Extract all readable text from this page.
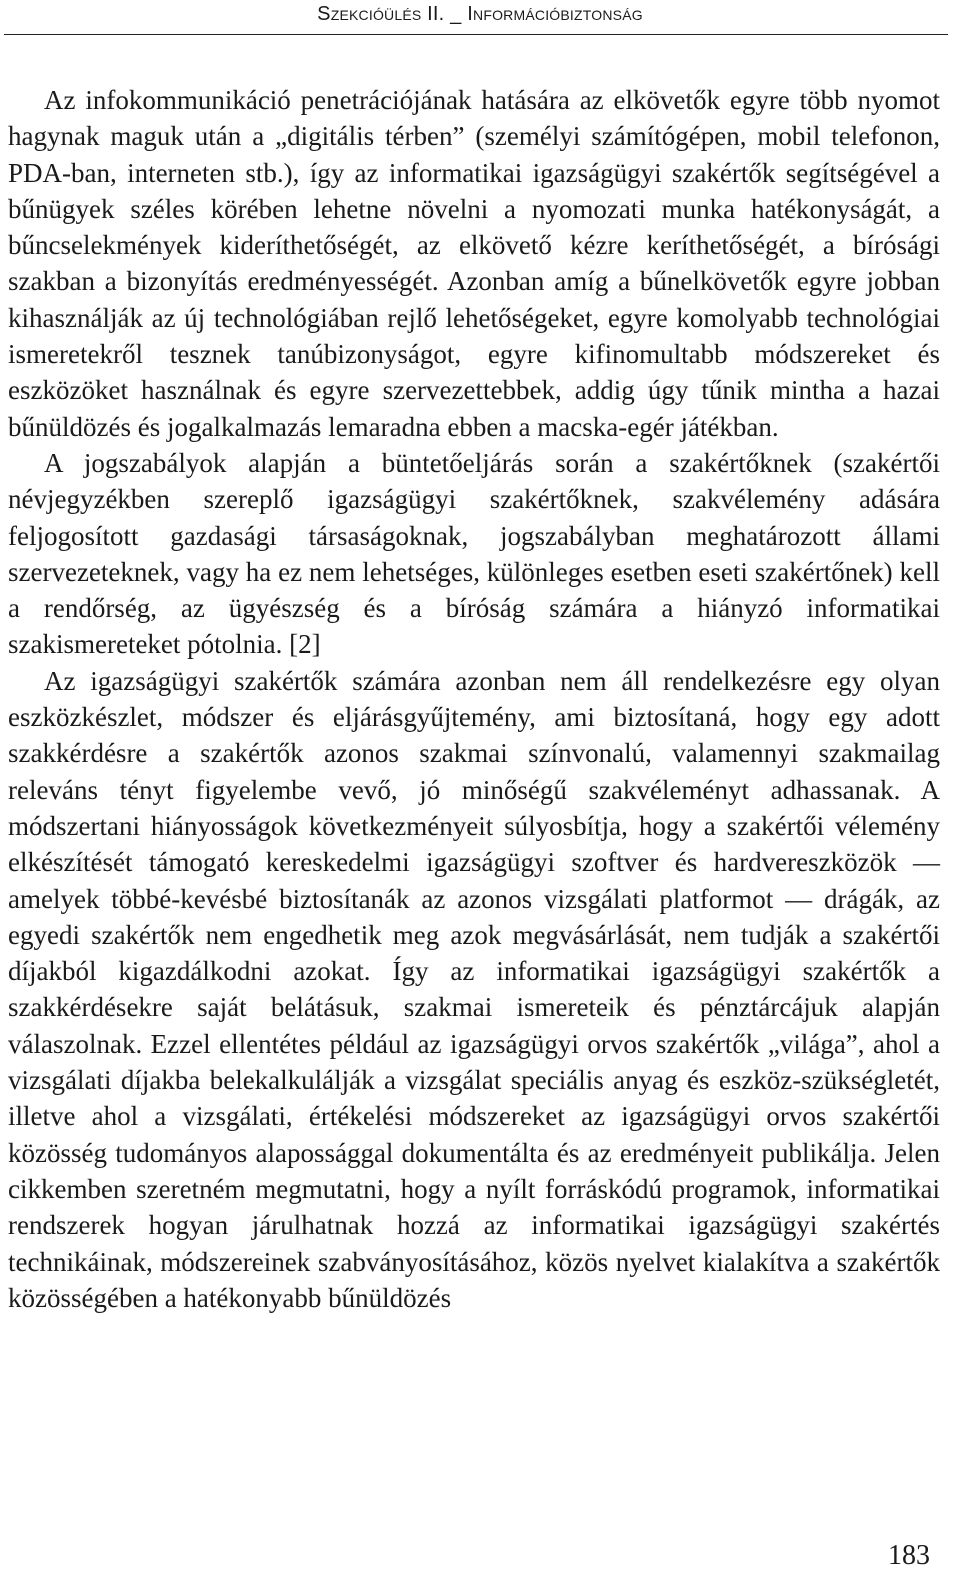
Szekcióülés II. _ Információbiztonság

Az infokommunikáció penetrációjának hatására az elkövetők egyre több nyomot hagynak maguk után a „digitális térben” (személyi számítógépen, mobil telefonon, PDA-ban, interneten stb.), így az informatikai igazságügyi szakértők segítségével a bűnügyek széles körében lehetne növelni a nyomozati munka hatékonyságát, a bűncselekmények kideríthetőségét, az elkövető kézre keríthetőségét, a bírósági szakban a bizonyítás eredményességét. Azonban amíg a bűnelkövetők egyre jobban kihasználják az új technológiában rejlő lehetőségeket, egyre komolyabb technológiai ismeretekről tesznek tanúbizonyságot, egyre kifinomultabb módszereket és eszközöket használnak és egyre szervezettebbek, addig úgy tűnik mintha a hazai bűnüldözés és jogalkalmazás lemaradna ebben a macska-egér játékban.

A jogszabályok alapján a büntetőeljárás során a szakértőknek (szakértői névjegyzékben szereplő igazságügyi szakértőknek, szakvélemény adására feljogosított gazdasági társaságoknak, jogszabályban meghatározott állami szervezeteknek, vagy ha ez nem lehetséges, különleges esetben eseti szakértőnek) kell a rendőrség, az ügyészség és a bíróság számára a hiányzó informatikai szakismereteket pótolnia. [2]

Az igazságügyi szakértők számára azonban nem áll rendelkezésre egy olyan eszközkészlet, módszer és eljárásgyűjtemény, ami biztosítaná, hogy egy adott szakkérdésre a szakértők azonos szakmai színvonalú, valamennyi szakmailag releváns tényt figyelembe vevő, jó minőségű szakvéleményt adhassanak. A módszertani hiányosságok következményeit súlyosbítja, hogy a szakértői vélemény elkészítését támogató kereskedelmi igazságügyi szoftver és hardvereszközök — amelyek többé-kevésbé biztosítanák az azonos vizsgálati platformot — drágák, az egyedi szakértők nem engedhetik meg azok megvásárlását, nem tudják a szakértői díjakból kigazdálkodni azokat. Így az informatikai igazságügyi szakértők a szakkérdésekre saját belátásuk, szakmai ismereteik és pénztárcájuk alapján válaszolnak. Ezzel ellentétes például az igazságügyi orvos szakértők „világa”, ahol a vizsgálati díjakba belekalkulálják a vizsgálat speciális anyag és eszköz-szükségletét, illetve ahol a vizsgálati, értékelési módszereket az igazságügyi orvos szakértői közösség tudományos alapossággal dokumentálta és az eredményeit publikálja. Jelen cikkemben szeretném megmutatni, hogy a nyílt forráskódú programok, informatikai rendszerek hogyan járulhatnak hozzá az informatikai igazságügyi szakértés technikáinak, módszereinek szabványosításához, közös nyelvet kialakítva a szakértők közösségében a hatékonyabb bűnüldözés

183
